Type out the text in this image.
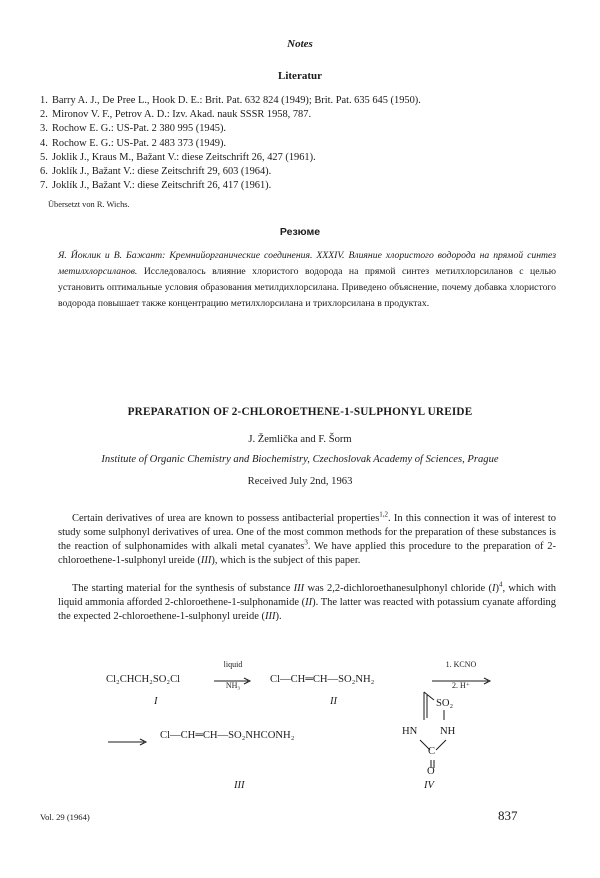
Notes
Literatur
1. Barry A. J., De Pree L., Hook D. E.: Brit. Pat. 632 824 (1949); Brit. Pat. 635 645 (1950).
2. Mironov V. F., Petrov A. D.: Izv. Akad. nauk SSSR 1958, 787.
3. Rochow E. G.: US-Pat. 2 380 995 (1945).
4. Rochow E. G.: US-Pat. 2 483 373 (1949).
5. Joklik J., Kraus M., Bažant V.: diese Zeitschrift 26, 427 (1961).
6. Joklík J., Bažant V.: diese Zeitschrift 29, 603 (1964).
7. Joklík J., Bažant V.: diese Zeitschrift 26, 417 (1961).
Übersetzt von R. Wichs.
Резюме

Я. Йоклик и В. Бажант: Кремнийорганические соединения. XXXIV. Влияние хлористого водорода на прямой синтез метилхлорсиланов. Исследовалось влияние хлористого водорода на прямой синтез метилхлорсиланов с целью установить оптимальные условия образования метилдихлорсилана. Приведено объяснение, почему добавка хлористого водорода повышает также концентрацию метилхлорсилана и трихлорсилана в продуктах.

PREPARATION OF 2-CHLOROETHENE-1-SULPHONYL UREIDE
J. Žemlička and F. Šorm
Institute of Organic Chemistry and Biochemistry, Czechoslovak Academy of Sciences, Prague
Received July 2nd, 1963

Certain derivatives of urea are known to possess antibacterial properties$^{1,2}$. In this connection it was of interest to study some sulphonyl derivatives of urea. One of the most common methods for the preparation of these substances is the reaction of sulphonamides with alkali metal cyanates$^3$. We have applied this procedure to the preparation of 2-chloroethene-1-sulphonyl ureide (III), which is the subject of this paper.

The starting material for the synthesis of substance III was 2,2-dichloroethanesulphonyl chloride $(I)^4$, which with liquid ammonia afforded 2-chloroethene-1-sulphonamide (II). The latter was reacted with potassium cyanate affording the expected 2-chloroethene-1-sulphonyl ureide (III).

Cl₂CHCH₂SO₂Cl
liquid
NH₃
Cl—CH═CH—SO₂NH₂
1. KCNO
2. H⁺
I	II
→ Cl—CH═CH—SO₂NHCONH₂
SO₂
HN NH
C
O
III	IV
Vol. 29 (1964)	837
